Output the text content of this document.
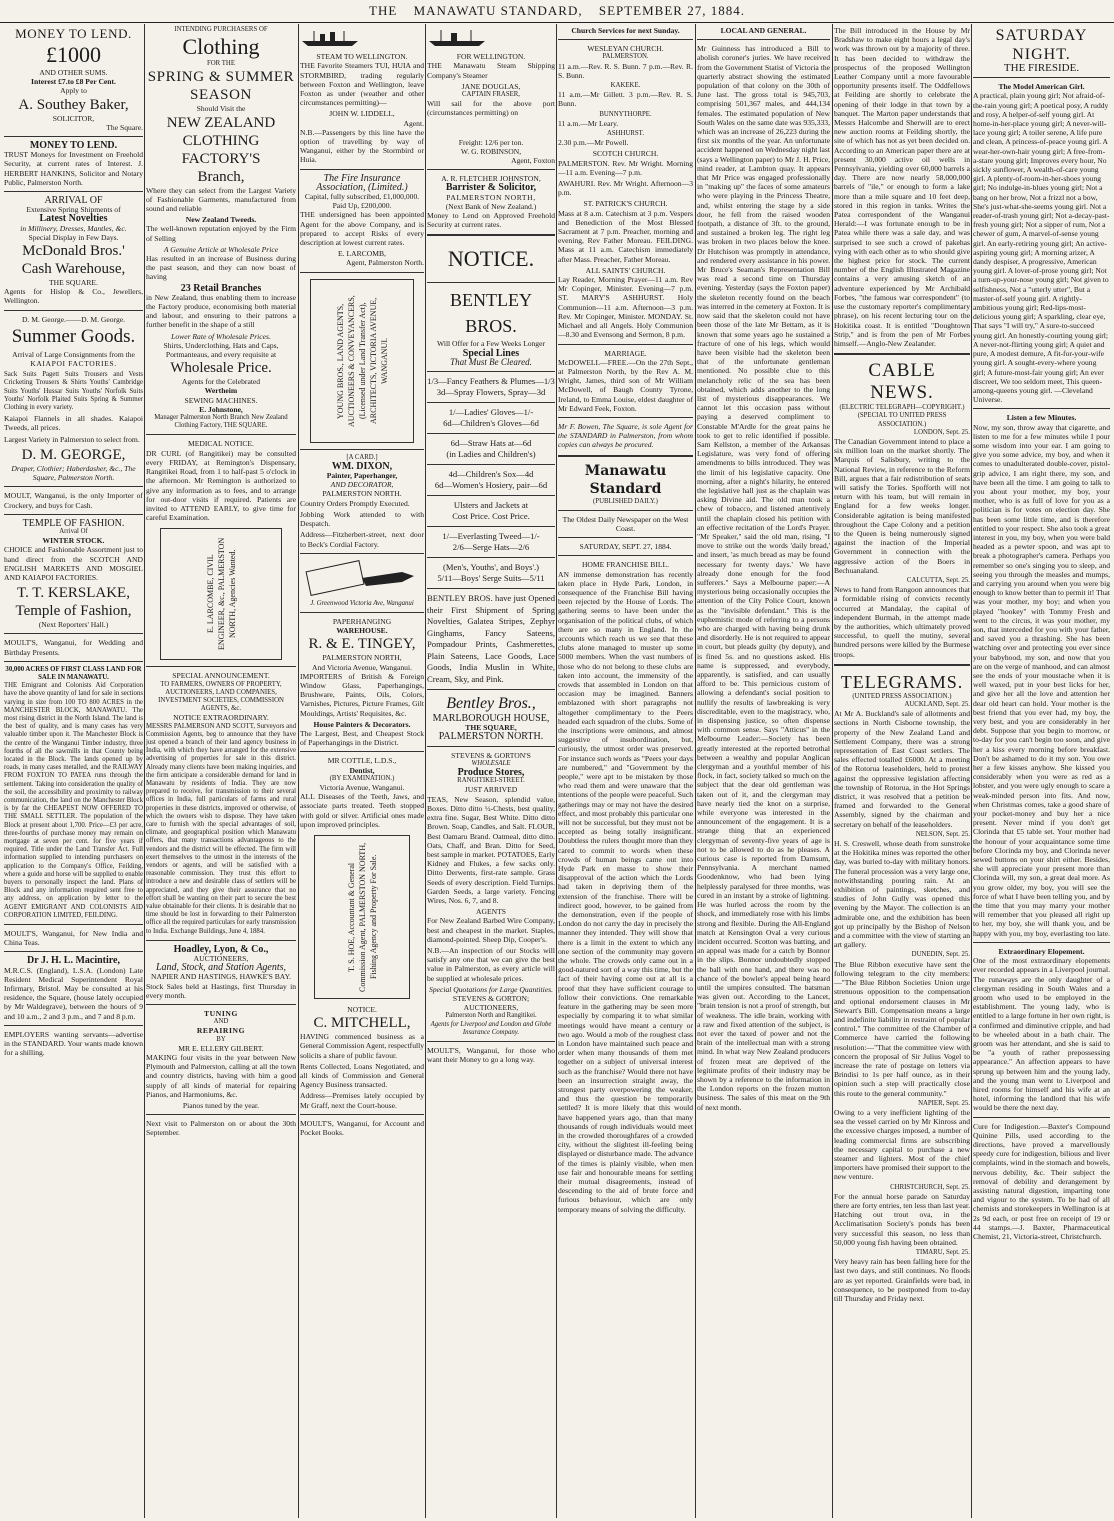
THE MANAWATU STANDARD, SEPTEMBER 27, 1884.
MONEY TO LEND.
£1000
AND OTHER SUMS.
Interest £7.to £8 Per Cent.
Apply to
A. Southey Baker,
SOLICITOR,
The Square.
MONEY TO LEND.
TRUST Moneys for Investment on Freehold Security, at current rates of Interest. J. HERBERT HANKINS, Solicitor and Notary Public, Palmerston North.
ARRIVAL OF
Extensive Spring Shipments of
Latest Novelties
in Millinery, Dresses, Mantles, &c.
Special Display in Few Days.
McDonald Bros.'
Cash Warehouse,
THE SQUARE.
Agents for Hislop & Co., Jewellers, Wellington.
D. M. George.——D. M. George.
Summer Goods.
Arrival of Large Consignments from the
KAIAPOI FACTORIES.
Sack Suits Pagett Suits Trousers and Vests Cricketing Trousers & Shirts Youths' Cambridge Suits Youths' Hussar Suits Youths' Norfolk Suits Youths' Norfolk Plaited Suits Spring & Summer Clothing in every variety.
Kaiapoi Flannels in all shades. Kaiapoi Tweeds, all prices.
Largest Variety in Palmerston to select from.
D. M. GEORGE,
Draper, Clothier; Haberdasher, &c., The Square, Palmerston North.
MOULT, Wanganui, is the only Importer of Crockery, and buys for Cash.
TEMPLE OF FASHION.
Arrival Of
WINTER STOCK.
CHOICE and Fashionable Assortment just to hand direct from the SCOTCH AND ENGLISH MARKETS AND MOSGIEL AND KAIAPOI FACTORIES.
T. T. KERSLAKE,
Temple of Fashion,
(Next Reporters' Hall.)
MOULT'S, Wanganui, for Wedding and Birthday Presents.
30,000 ACRES OF FIRST CLASS LAND FOR SALE IN MANAWATU.
THE Emigrant and Colonists Aid Corporation have the above quantity of land for sale in sections varying in size from 100 TO 800 ACRES in the MANCHESTER BLOCK, MANAWATU. The most rising district in the North Island. The land is the best of quality, and is many cases has very valuable timber upon it. The Manchester Block is the centre of the Wanganui Timber industry, three fourths of all the sawmills in that County being located in the Block. The lands opened up by roads, in many cases metalled, and the RAILWAY FROM FOXTON TO PATEA runs through the settlement. Taking into consideration the quality of the soil, the accessibility and proximity to railway communication, the land on the Manchester Block is by far the CHEAPEST NOW OFFERED TO THE SMALL SETTLER. The population of the Block at present about 1,700. Price—£3 per acre, three-fourths of purchase money may remain on mortgage at seven per cent. for five years if required. Title under the Land Transfer Act. Full information supplied to intending purchasers on application to the Company's Office, Feilding, where a guide and horse will be supplied to enable buyers to personally inspect the land. Plans of Block and any information required sent free to any address, on application by letter to the AGENT EMIGRANT AND COLONISTS AID CORPORATION LIMITED, FEILDING.
MOULT'S, Wanganui, for New India and China Teas.
Dr J. H. L. Macintire,
M.R.C.S. (England), L.S.A. (London) Late Resident Medical Superintendent Royal Infirmary, Bristol. May be consulted at his residence, the Square, (house lately occupied by Mr Waldegrave), between the hours of 9 and 10 a.m., 2 and 3 p.m., and 7 and 8 p.m.
EMPLOYERS wanting servants—advertise in the STANDARD. Your wants made known for a shilling.
INTENDING PURCHASERS OF
Clothing
FOR THE
SPRING & SUMMER
SEASON
Should Visit the
NEW ZEALAND
CLOTHING FACTORY'S
Branch,
Where they can select from the Largest Variety of Fashionable Garments, manufactured from sound and reliable
New Zealand Tweeds.
The well-known reputation enjoyed by the Firm of Selling
A Genuine Article at Wholesale Price
Has resulted in an increase of Business during the past season, and they can now boast of having
23 Retail Branches
in New Zealand, thus enabling them to increase the Factory produce, economising both material and labour, and ensuring to their patrons a further benefit in the shape of a still
Lower Rate of Wholesale Prices.
Shirts, Underclothing, Hats and Caps, Portmanteaus, and every requisite at
Wholesale Price.
Agents for the Celebrated
Wertheim
SEWING MACHINES.
E. Johnstone,
Manager Palmerston North Branch New Zealand Clothing Factory, THE SQUARE.
MEDICAL NOTICE.
DR CURL (of Rangitikei) may be consulted every FRIDAY, at Remington's Dispensary, Rangitikei Road, from 1 to half-past 5 o'clock in the afternoon. Mr Remington is authorized to give any information as to fees, and to arrange for out-door visits if required. Patients are invited to ATTEND EARLY, to give time for careful Examination.
E. LARCOMBE, CIVIL ENGINEER, &c., PALMERSTON NORTH, Agencies Wanted.
SPECIAL ANNOUNCEMENT.
TO FARMERS, OWNERS OF PROPERTY, AUCTIONEERS, LAND COMPANIES, INVESTMENT SOCIETIES, COMMISSION AGENTS, &c.
NOTICE EXTRAORDINARY.
MESSRS PALMERSON AND SCOTT, Surveyors and Commission Agents, beg to announce that they have just opened a branch of their land agency business in India, with which they have arranged for the extensive advertising of properties for sale in this district. Already many clients have been making inquiries, and the firm anticipate a considerable demand for land in Manawatu by residents of India. They are now prepared to receive, for transmission to their several offices in India, full particulars of farms and rural properties in these districts, improved or otherwise, of which the owners wish to dispose. They have taken care to furnish with the special advantages of soil, climate, and geographical position which Manawatu offers, that many transactions advantageous to the vendors and the district will be effected. The firm will exert themselves to the utmost in the interests of the vendors or agents, and will be satisfied with a reasonable commission. They trust this effort to introduce a new and desirable class of settlers will be appreciated, and they give their assurance that no effort shall be wanting on their part to secure the best value obtainable for their clients. It is desirable that no time should be lost in forwarding to their Palmerston office all the required particulars for early transmission to India. Exchange Buildings, June 4, 1884.
Hoadley, Lyon, & Co.,
AUCTIONEERS,
Land, Stock, and Station Agents,
NAPIER AND HASTINGS, HAWKE'S BAY.
Stock Sales held at Hastings, first Thursday in every month.
TUNING
AND
REPAIRING
BY
MR E. ELLERY GILBERT.
MAKING four visits in the year between New Plymouth and Palmerston, calling at all the town and country districts, having with him a good supply of all kinds of material for repairing Pianos, and Harmoniums, &c.
Pianos tuned by the year.
Next visit to Palmerston on or about the 30th September.
STEAM TO WELLINGTON.
THE Favorite Steamers TUI, HUIA and STORMBIRD, trading regularly between Foxton and Wellington, leave Foxton as under (weather and other circumstances permitting)—
JOHN W. LIDDELL,
Agent.
N.B.—Passengers by this line have the option of travelling by way of Wanganui, either by the Stormbird or Huia.
The Fire Insurance Association, (Limited.)
Capital, fully subscribed, £1,000,000.
Paid Up, £200,000.
THE undersigned has been appointed Agent for the above Company, and is prepared to accept Risks of every description at lowest current rates.
E. LARCOMB,
Agent, Palmerston North.
YOUNG BROS., LAND AGENTS, AUCTIONEERS & CONVEYANCERS, (Licensed under Land Transfer Act), ARCHITECTS, VICTORIA AVENUE, WANGANUI.
[A CARD.]
WM. DIXON,
Painter, Paperhanger,
AND DECORATOR,
PALMERSTON NORTH.
Country Orders Promptly Executed.
Jobbing Work attended to with Despatch.
Address—Fitzherbert-street, next door to Beck's Cordial Factory.
J. Greenwood Victoria Ave, Wanganui
PAPERHANGING
WAREHOUSE.
R. & E. TINGEY,
PALMERSTON NORTH,
And Victoria Avenue, Wanganui.
IMPORTERS of British & Foreign Window Glass, Paperhangings, Brushware, Paints, Oils, Colors, Varnishes, Pictures, Picture Frames, Gilt Mouldings, Artists' Requisites, &c.
House Painters & Decorators.
The Largest, Best, and Cheapest Stock of Paperhangings in the District.
MR COTTLE, L.D.S.,
Dentist,
(BY EXAMINATION.)
Victoria Avenue, Wanganui.
ALL Diseases of the Teeth, Jaws, and associate parts treated. Teeth stopped with gold or silver. Artificial ones made upon improved principles.
T. S. HOE, Accountant & General Commission Agent, PALMERSTON NORTH, Fishing Agency and Property For Sale.
NOTICE.
C. MITCHELL,
HAVING commenced business as a General Commission Agent, respectfully solicits a share of public favour.
Rents Collected, Loans Negotiated, and all kinds of Commission and General Agency Business transacted.
Address—Premises lately occupied by Mr Graff, next the Court-house.
MOULT'S, Wanganui, for Account and Pocket Books.
FOR WELLINGTON.
THE Manawatu Steam Shipping Company's Steamer
JANE DOUGLAS,
CAPTAIN FRASER,
Will sail for the above port (circumstances permitting) on
Freight: 12/6 per ton.
W. G. ROBINSON,
Agent, Foxton
A. R. FLETCHER JOHNSTON,
Barrister & Solicitor,
PALMERSTON NORTH,
(Next Bank of New Zealand.)
Money to Lend on Approved Freehold Security at current rates.
NOTICE.
BENTLEY BROS.
Will Offer for a Few Weeks Longer
Special Lines
That Must Be Cleared.
1/3—Fancy Feathers & Plumes—1/3
3d—Spray Flowers, Spray—3d
1/—Ladies' Gloves—1/-
6d—Children's Gloves—6d
6d—Straw Hats at—6d
(in Ladies and Children's)
4d—Children's Sox—4d
6d—Women's Hosiery, pair—6d
Ulsters and Jackets at
Cost Price. Cost Price.
1/—Everlasting Tweed—1/-
2/6—Serge Hats—2/6
(Men's, Youths', and Boys'.)
5/11—Boys' Serge Suits—5/11
BENTLEY BROS. have just Opened their First Shipment of Spring Novelties, Galatea Stripes, Zephyr Ginghams, Fancy Sateens, Pompadour Prints, Cashmerettes, Plain Sateens, Lace Goods, Lace Goods, India Muslin in White, Cream, Sky, and Pink.
Bentley Bros.,
MARLBOROUGH HOUSE,
THE SQUARE,
PALMERSTON NORTH.
STEVENS & GORTON'S
WHOLESALE
Produce Stores,
RANGITIKEI-STREET.
JUST ARRIVED
TEAS, New Season, splendid value, Boxes. Ditto ditto ½-Chests, best quality, extra fine. Sugar, Best White. Ditto ditto Brown. Soap, Candles, and Salt. FLOUR, Best Oamaru Brand. Oatmeal, ditto ditto. Oats, Chaff, and Bran. Ditto for Seed, best sample in market. POTATOES, Early Kidney and Flukes, a few sacks only. Ditto Derwents, first-rate sample. Grass Seeds of every description. Field Turnips. Garden Seeds, a large variety. Fencing Wires, Nos. 6, 7, and 8.
AGENTS
For New Zealand Barbed Wire Company, best and cheapest in the market. Staples, diamond-pointed. Sheep Dip, Cooper's.
N.B.—An inspection of our Stocks will satisfy any one that we can give the best value in Palmerston, as every article will be supplied at wholesale prices.
Special Quotations for Large Quantities.
STEVENS & GORTON;
AUCTIONEERS,
Palmerston North and Rangitikei.
Agents for Liverpool and London and Globe Insurance Company.
MOULT'S, Wanganui, for those who want their Money to go a long way.
Church Services for next Sunday.
WESLEYAN CHURCH.
PALMERSTON.
11 a.m.—Rev. R. S. Bunn. 7 p.m.—Rev. R. S. Bunn.
KAKEKE.
11 a.m.—Mr Gillett. 3 p.m.—Rev. R. S. Bunn.
BUNNYTHORPE.
11 a.m.—Mr Leary.
ASHHURST.
2.30 p.m.—Mr Powell.
SCOTCH CHURCH.
PALMERSTON. Rev. Mr Wright. Morning—11 a.m. Evening—7 p.m.
AWAHURI. Rev. Mr Wright. Afternoon—3 p.m.
ST. PATRICK'S CHURCH.
Mass at 8 a.m. Catechism at 3 p.m. Vespers and Benediction of the Most Blessed Sacrament at 7 p.m. Preacher, morning and evening, Rev Father Moreau. FEILDING. Mass at 11 a.m. Catechism immediately after Mass. Preacher, Father Moreau.
ALL SAINTS' CHURCH.
Lay Reader, Morning Prayer—11 a.m. Rev Mr Copinger, Minister. Evening—7 p.m. ST. MARY'S ASHHURST. Holy Communion—11 a.m. Afternoon—3 p.m. Rev. Mr Copinger, Minister. MONDAY. St. Michael and all Angels. Holy Communion—8.30 and Evensong and Sermon, 8 p.m.
MARRIAGE.
McDOWELL—FREE.—On the 27th Sept., at Palmerston North, by the Rev A. M. Wright, James, third son of Mr William McDowell, of Baugh County Tyrone, Ireland, to Emma Louise, eldest daughter of Mr Edward Feek, Foxton.
Mr F. Bowen, The Square, is sole Agent for the STANDARD in Palmerston, from whom copies can always be procured.
Manawatu Standard
(PUBLISHED DAILY.)
The Oldest Daily Newspaper on the West Coast.
SATURDAY, SEPT. 27, 1884.
HOME FRANCHISE BILL.
AN immense demonstration has recently taken place in Hyde Park, London, in consequence of the Franchise Bill having been rejected by the House of Lords. The gathering seems to have been under the organisation of the political clubs, of which there are so many in England. In the accounts which reach us we see that these clubs alone managed to muster up some 5000 members. When the vast numbers of those who do not belong to these clubs are taken into account, the immensity of the crowds that assembled in London on that occasion may be imagined. Banners emblazoned with short paragraphs not altogether complimentary to the Peers headed each squadron of the clubs. Some of the inscriptions were ominous, and almost suggestive of insubordination, but, curiously, the utmost order was preserved. For instance such words as "Peers your days are numbered," and "Government by the people," were apt to be mistaken by those who read them and were unaware that the intentions of the people were peaceful. Such gatherings may or may not have the desired effect, and most probably this particular one will not be successful, but they must not be accepted as being totally insignificant. Doubtless the rulers thought more than they cared to commit to words when these crowds of human beings came out into Hyde Park en masse to show their disapproval of the action which the Lords had taken in depriving them of the extension of the franchise. There will be indirect good, however, to be gained from the demonstration, even if the people of London do not carry the day in precisely the manner they intended. They will show that there is a limit in the extent to which any one section of the community may govern the whole. The crowds only came out in a good-natured sort of a way this time, but the fact of their having come out at all is a proof that they have sufficient courage to follow their convictions. One remarkable feature in the gathering may be seen more especially by comparing it to what similar meetings would have meant a century or two ago. Would a mob of the roughest class in London have maintained such peace and order when many thousands of them met together on a subject of universal interest such as the franchise? Would there not have been an insurrection straight away, the strongest party overpowering the weaker, and thus the question be temporarily settled? It is more likely that this would have happened years ago, than that many thousands of rough individuals would meet in the crowded thoroughfares of a crowded city, without the slightest ill-feeling being displayed or disturbance made. The advance of the times is plainly visible, when men use fair and honourable means for settling their mutual disagreements, instead of descending to the aid of brute force and furious behaviour, which are only temporary means of solving the difficulty.
LOCAL AND GENERAL.
Mr Guinness has introduced a Bill to abolish coroner's juries. We have received from the Government Statist of Victoria the quarterly abstract showing the estimated population of that colony on the 30th of June last. The gross total is 945,703, comprising 501,367 males, and 444,134 females. The estimated population of New South Wales on the same date was 935,333, which was an increase of 26,223 during the first six months of the year. An unfortunate accident happened on Wednesday night last (says a Wellington paper) to Mr J. H. Price, mind reader, at Lambton quay. It appears that Mr Price was engaged professionally in "making up" the faces of some amateurs who were playing in the Princess Theatre, and, whilst entering the stage by a side door, he fell from the raised wooden footpath, a distance of 3ft. to the ground, and sustained a broken leg. The right leg was broken in two places below the knee. Dr Hutchison was promptly in attendance, and rendered every assistance in his power. Mr Bruce's Seaman's Representation Bill was read a second time on Thursday evening. Yesterday (says the Foxton paper) the skeleton recently found on the beach was interred in the cemetery at Foxton. It is now said that the skeleton could not have been those of the late Mr Bettam, as it is known that some years ago he sustained a fracture of one of his legs, which would have been visible had the skeleton been that of the unfortunate gentleman mentioned. No possible clue to this melancholy relic of the sea has been obtained, which adds another to the long list of mysterious disappearances. We cannot let this occasion pass without paying a deserved compliment to Constable M'Ardle for the great pains he took to get to relic identified if possible. Sam Kellston, a member of the Arkansas Legislature, was very fond of offering amendments to bills introduced. They was the limit of his legislative capacity. One morning, after a night's hilarity, he entered the legislative hall just as the chaplain was asking Divine aid. The old man took a chew of tobacco, and listened attentively until the chaplain closed his petition with an effective recitation of the Lord's Prayer. "Mr Speaker," said the old man, rising, "I move to strike out the words 'daily bread,' and insert, 'as much bread as may be found necessary for twenty days.' We have already done enough for the food sufferers." Says a Melbourne paper:—A mysterious being occasionally occupies the attention of the City Police Court, known as the "invisible defendant." This is the euphemistic mode of referring to a persons who are charged with having being drunk and disorderly. He is not required to appear in court, but pleads guilty (by deputy), and is fined 5s. and no questions asked. His name is suppressed, and everybody, apparently, is satisfied, and can usually afford to be. This pernicious custom of allowing a defendant's social position to nullify the results of lawbreaking is very discreditable, even to the magistracy, who, in dispensing justice, so often dispense with common sense. Says "Atticus" in the Melbourne Leader:—Society has been greatly interested at the reported betrothal between a wealthy and popular Anglican clergyman and a youthful member of his flock, in fact, society talked so much on the subject that the dear old gentleman was taken out of it, and the clergyman may have nearly tied the knot on a surprise, while everyone was interested in the announcement of the engagement. It is a strange thing that an experienced clergyman of seventy-five years of age is not to be allowed to do as he pleases. A curious case is reported from Damsum, Pennsylvania. A merchant named Goodenknow, who had been lying helplessly paralysed for three months, was cured in an instant by a stroke of lightning. He was hurled across the room by the shock, and immediately rose with his limbs strong and flexible. During the All-England match at Kensington Oval a very curious incident occurred. Scotton was batting, and an appeal was made for a catch by Bonnor in the slips. Bonnor undoubtedly stopped the ball with one hand, and there was no chance of the bowler's appeal being heard until the umpires consulted. The batsman was given out. According to the Lancet, "brain tension is not a proof of strength, but of weakness. The idle brain, working with a raw and fixed attention of the subject, is not ever the taxed of power and not the brain of the intellectual man with a strong mind. In what way New Zealand producers of frozen meat are deprived of the legitimate profits of their industry may be shown by a reference to the information in the London reports on the frozen mutton business. The sales of this meat on the 9th of next month.
The Bill introduced in the House by Mr Bradshaw to make eight hours a legal day's work was thrown out by a majority of three. It has been decided to withdraw the prospectus of the proposed Wellington Leather Company until a more favourable opportunity presents itself. The Oddfellows at Feilding are shortly to celebrate the opening of their lodge in that town by a banquet. The Marton paper understands that Messrs Halcombe and Sherwill are to erect new auction rooms at Feilding shortly, the site of which has not as yet been decided on. According to an American paper there are at present 30,000 active oil wells in Pennsylvania, yielding over 60,000 barrels a day. There are now nearly 58,000,000 barrels of "ile," or enough to form a lake more than a mile square and 10 feet deep, stored in this region in tanks. Writes the Patea correspondent of the Wanganui Herald:—I was fortunate enough to be in Patea while there was a sale day, and was surprised to see such a crowd of pakehas vying with each other as to who should give the highest price for stock. The current number of the English Illustrated Magazine contains a very amusing sketch of an adventure experienced by Mr Archibald Forbes, "the famous war correspondent" (to use the customary reporter's complimentary phrase), on his recent lecturing tour on the Hokitika coast. It is entitled "Doughtown Strip," and is from the pen of Mr Forbes himself.—Anglo-New Zealander.
CABLE NEWS.
(ELECTRIC TELEGRAPH—COPYRIGHT.) (SPECIAL TO UNITED PRESS ASSOCIATION.)
LONDON, Sept. 25.
The Canadian Government intend to place a six million loan on the market shortly. The Marquis of Salisbury, writing to the National Review, in reference to the Reform Bill, argues that a fair redistribution of seats will satisfy the Tories. Spofforth will not return with his team, but will remain in England for a few weeks longer. Considerable agitation is being manifested throughout the Cape Colony and a petition to the Queen is being numerously signed against the inaction of the Imperial Government in connection with the aggressive action of the Boers in Bechuanaland.
CALCUTTA, Sept. 25.
News to hand from Rangoon announces that a formidable rising of convicts recently occurred at Mandalay, the capital of independent Burmah, in the attempt made by the authorities, which ultimately proved successful, to quell the mutiny, several hundred persons were killed by the Burmese troops.
TELEGRAMS.
(UNITED PRESS ASSOCIATION.)
AUCKLAND, Sept. 25.
At Mr A. Buckland's sale of allotments and sections in North Cisborne township, the property of the New Zealand Land and Settlement Company, there was a strong representation of East Coast settlers. The sales effected totalled £6000. At a meeting of the Rotorua leaseholders, held to protest against the oppressive legislation affecting the township of Rotorua, in the Hot Springs district, it was resolved that a petition be framed and forwarded to the General Assembly, signed by the chairman and secretary on behalf of the leaseholders.
NELSON, Sept. 25.
H. S. Creswell, whose death from sunstroke at the Hokitika mines was reported the other day, was buried to-day with military honors. The funeral procession was a very large one, notwithstanding pouring rain. At an exhibition of paintings, sketches, and studies of John Gully was opened this evening by the Mayor. The collection is an admirable one, and the exhibition has been got up principally by the Bishop of Nelson and a committee with the view of starting an art gallery.
DUNEDIN, Sept. 25.
The Blue Ribbon executive have sent the following telegram to the city members:—"The Blue Ribbon Societies Union urge strenuous opposition to the compensation and optional endorsement clauses in Mr Stewart's Bill. Compensation means a large and indefinite liability in restraint of popular control." The committee of the Chamber of Commerce have carried the following resolution:—"That the committee view with concern the proposal of Sir Julius Vogel to increase the rate of postage on letters via Brindisi to 1s per half ounce, as in their opinion such a step will practically close this route to the general community."
NAPIER, Sept. 25.
Owing to a very inefficient lighting of the sea the vessel carried on by Mr Kinross and the excessive charges imposed, a number of leading commercial firms are subscribing the necessary capital to purchase a new steamer and lighters. Most of the chief importers have promised their support to the new venture.
CHRISTCHURCH, Sept. 25.
For the annual horse parade on Saturday there are forty entries, ten less than last year. Hatching out trout ova, in the Acclimatisation Society's ponds has been very successful this season, no less than 50,000 young fish having been obtained.
TIMARU, Sept. 25.
Very heavy rain has been falling here for the last two days, and still continues. No floods are as yet reported. Grainfields were bad, in consequence, to be postponed from to-day till Thursday and Friday next.
SATURDAY NIGHT.
THE FIRESIDE.
The Model American Girl.
A practical, plain young girl; Not afraid-of-the-rain young girl; A poetical posy, A ruddy and rosy, A helper-of-self young girl. At home-in-her-place young girl; A never-will-lace young girl; A toiler serene, A life pure and clean, A princess-of-peace young girl. A wear-her-own-hair young girl; A free-from-a-stare young girl; Improves every hour, No sickly sunflower, A wealth-of-care young girl. A plenty-of-room-in-her-shoes young girl; No indulge-in-blues young girl; Not a bang on her brow, Not a frizzl not a bow, She's just-what-she-seems young girl. Not a reader-of-trash young girl; Not a-decay-past-fresh young girl; Not a sipper of rum, Not a chewer of gum, A marvel-of-sense young girl. An early-retiring young girl; An active-aspiring young girl; A morning arizer, A dandy despiser, A progressive, American young girl. A lover-of-prose young girl; Not a turn-up-your-nose young girl; Not given to selfishness, Not a "utterly utter", But a master-of-self young girl. A rightly-ambitious young girl; Red-lips-most-delicious young girl; A sparkling, clear eye, That says "I will try," A sure-to-succeed young girl. An honestly-courting young girl; A never-not-flirting young girl; A quiet and pure, A modest demure, A fit-for-your-wife young girl. A sought-every-where young girl; A future-most-fair young girl; An ever discreet, We too seldom meet, This queen-among-queens young girl. —Cleveland Universe.
Listen a few Minutes.
Now, my son, throw away that cigarette, and listen to me for a few minutes while I pour some wisdom into your ear. I am going to give you some advice, my boy, and when it comes to unadulterated double-cover, pistol-grip advice, I am right there, my son, and have been all the time. I am going to talk to you about your mother, my boy, your mother, who is as full of love for you as a politician is for votes on election day. She has been some little time, and is therefore entitled to your respect. She also took a great interest in you, my boy, when you were bald headed as a pewter spoon, and was apt to break a photographer's camera. Perhaps you remember so one's singing you to sleep, and seeing you through the measles and mumps, and carrying you around when you were big enough to know better than to permit it! That was your mother, my boy; and when you played "hookey" with Tommy Fresh and went to the circus, it was your mother, my son, that interceded for you with your father, and saved you a thrashing. She has been watching over and protecting you ever since your babyhood, my son, and now that you are on the verge of manhood, and can almost see the ends of your moustache when it is well waxed, put in your best licks for her, and give her all the love and attention her dear old heart can hold. Your mother is the best friend that you ever had, my boy, the very best, and you are considerably in her debt. Suppose that you begin to morrow, or to-day for you can't begin too soon, and give her a kiss every morning before breakfast. Don't be ashamed to do it my son. You owe her a few kisses anyhow. She kissed you considerably when you were as red as a lobster, and you were ugly enough to scare a weak-minded person into fits. And now, when Christmas comes, take a good share of your pocket-money and buy her a nice present. Never mind if you don't get Clorinda that £5 table set. Your mother had the honour of your acquaintance some time before Clorinda my boy, and Clorinda never sewed buttons on your shirt either. Besides, she will appreciate your present more than Clorinda will, my son, a great deal more. As you grow older, my boy, you will see the force of what I have been telling you, and by the time that you may marry your mother will remember that you pleased all right up to her, my boy, she will thank you, and be happy with you, my boy, everlasting too late.
Extraordinary Elopement.
One of the most extraordinary elopements ever recorded appears in a Liverpool journal. The runaways are the only daughter of a clergyman residing in South Wales and a groom who used to be employed in the establishment. The young lady, who is entitled to a large fortune in her own right, is a confirmed and diminutive cripple, and had to be wheeled about in a bath chair. The groom was her attendant, and she is said to be "a youth of rather prepossessing appearance." An affection appears to have sprung up between him and the young lady, and the young man went to Liverpool and hired rooms for himself and his wife at an hotel, informing the landlord that his wife would be there the next day.
Cure for Indigestion.—Baxter's Compound Quinine Pills, used according to the directions, have proved a marvellously speedy cure for indigestion, bilious and liver complaints, wind in the stomach and bowels, nervous debility, &c. Their subject the removal of debility and derangement by assisting natural digestion, imparting tone and vigour to the system. To be had of all chemists and storekeepers in Wellington is at 2s 9d each, or post free on receipt of 19 or 44 stamps.—J. Baxter, Pharmaceutical Chemist, 21, Victoria-street, Christchurch.
